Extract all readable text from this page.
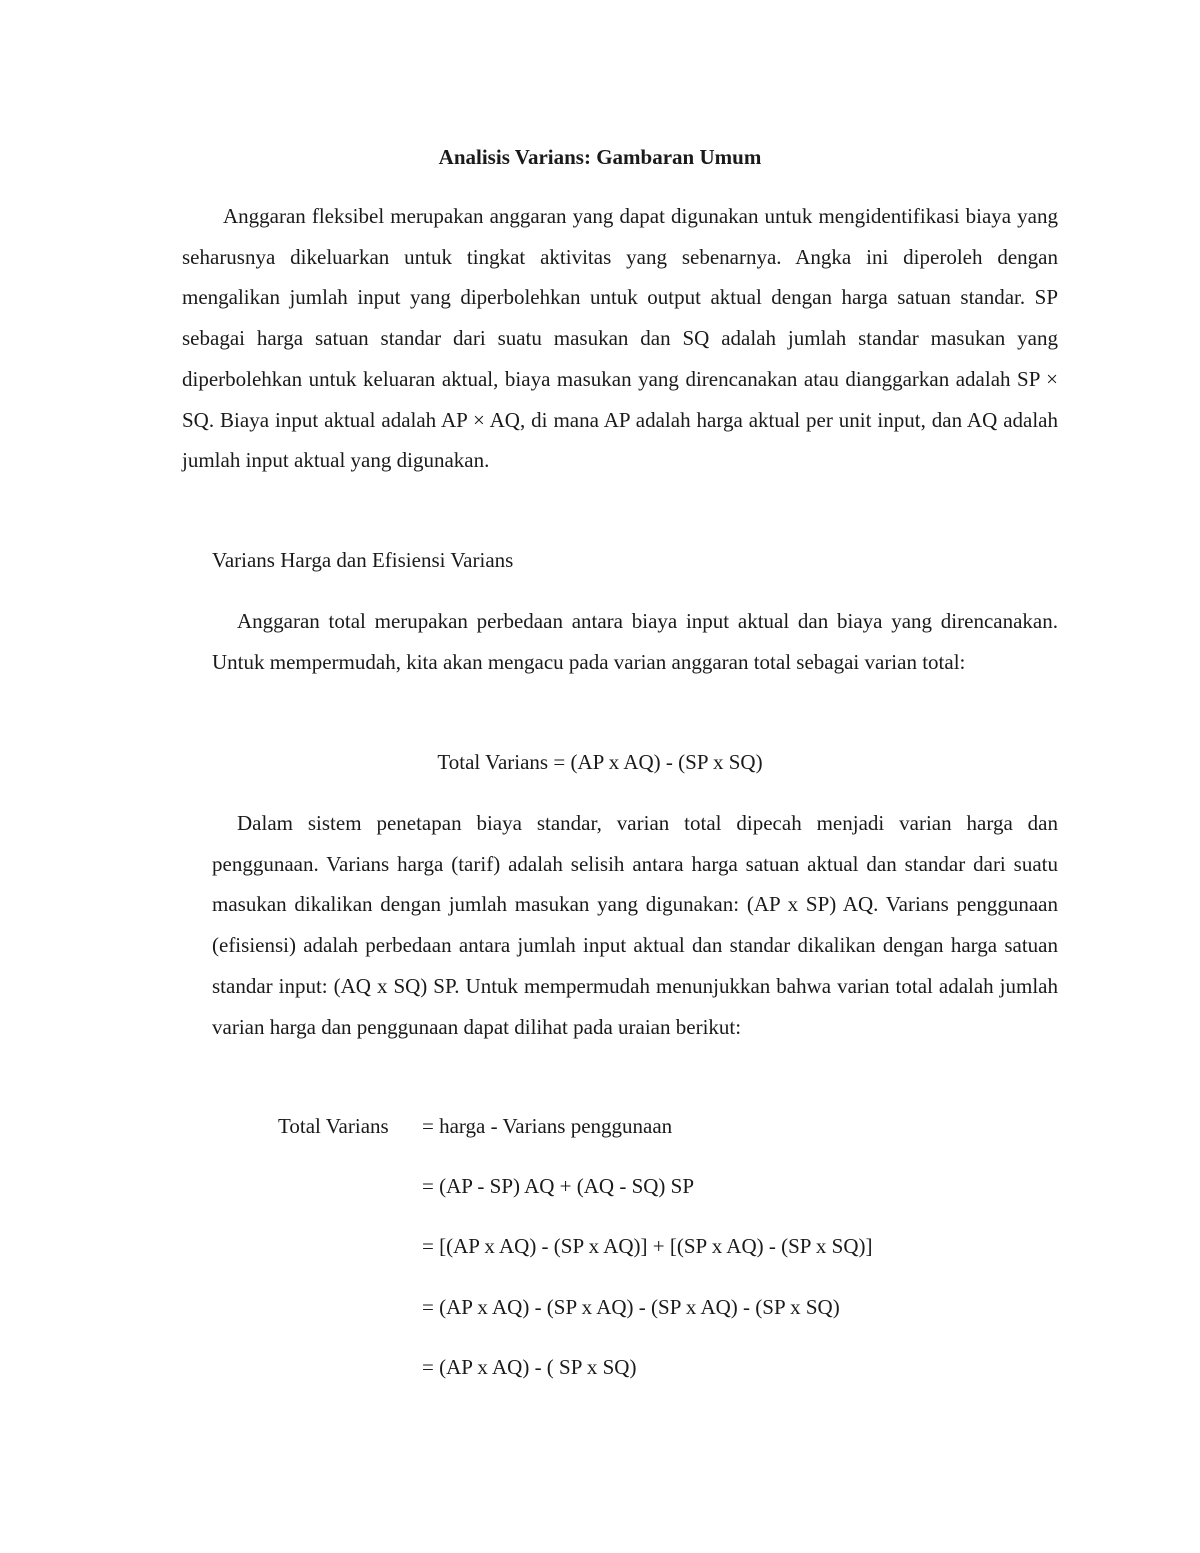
Analisis Varians: Gambaran Umum

Anggaran fleksibel merupakan anggaran yang dapat digunakan untuk mengidentifikasi biaya yang seharusnya dikeluarkan untuk tingkat aktivitas yang sebenarnya. Angka ini diperoleh dengan mengalikan jumlah input yang diperbolehkan untuk output aktual dengan harga satuan standar. SP sebagai harga satuan standar dari suatu masukan dan SQ adalah jumlah standar masukan yang diperbolehkan untuk keluaran aktual, biaya masukan yang direncanakan atau dianggarkan adalah SP × SQ. Biaya input aktual adalah AP × AQ, di mana AP adalah harga aktual per unit input, dan AQ adalah jumlah input aktual yang digunakan.

Varians Harga dan Efisiensi Varians

Anggaran total merupakan perbedaan antara biaya input aktual dan biaya yang direncanakan. Untuk mempermudah, kita akan mengacu pada varian anggaran total sebagai varian total:

Total Varians = (AP x AQ) - (SP x SQ)

Dalam sistem penetapan biaya standar, varian total dipecah menjadi varian harga dan penggunaan. Varians harga (tarif) adalah selisih antara harga satuan aktual dan standar dari suatu masukan dikalikan dengan jumlah masukan yang digunakan: (AP x SP) AQ. Varians penggunaan (efisiensi) adalah perbedaan antara jumlah input aktual dan standar dikalikan dengan harga satuan standar input: (AQ x SQ) SP. Untuk mempermudah menunjukkan bahwa varian total adalah jumlah varian harga dan penggunaan dapat dilihat pada uraian berikut:

Total Varians = harga - Varians penggunaan
= (AP - SP) AQ + (AQ - SQ) SP
= [(AP x AQ) - (SP x AQ)] + [(SP x AQ) - (SP x SQ)]
= (AP x AQ) - (SP x AQ) - (SP x AQ) - (SP x SQ)
= (AP x AQ) - ( SP x SQ)
